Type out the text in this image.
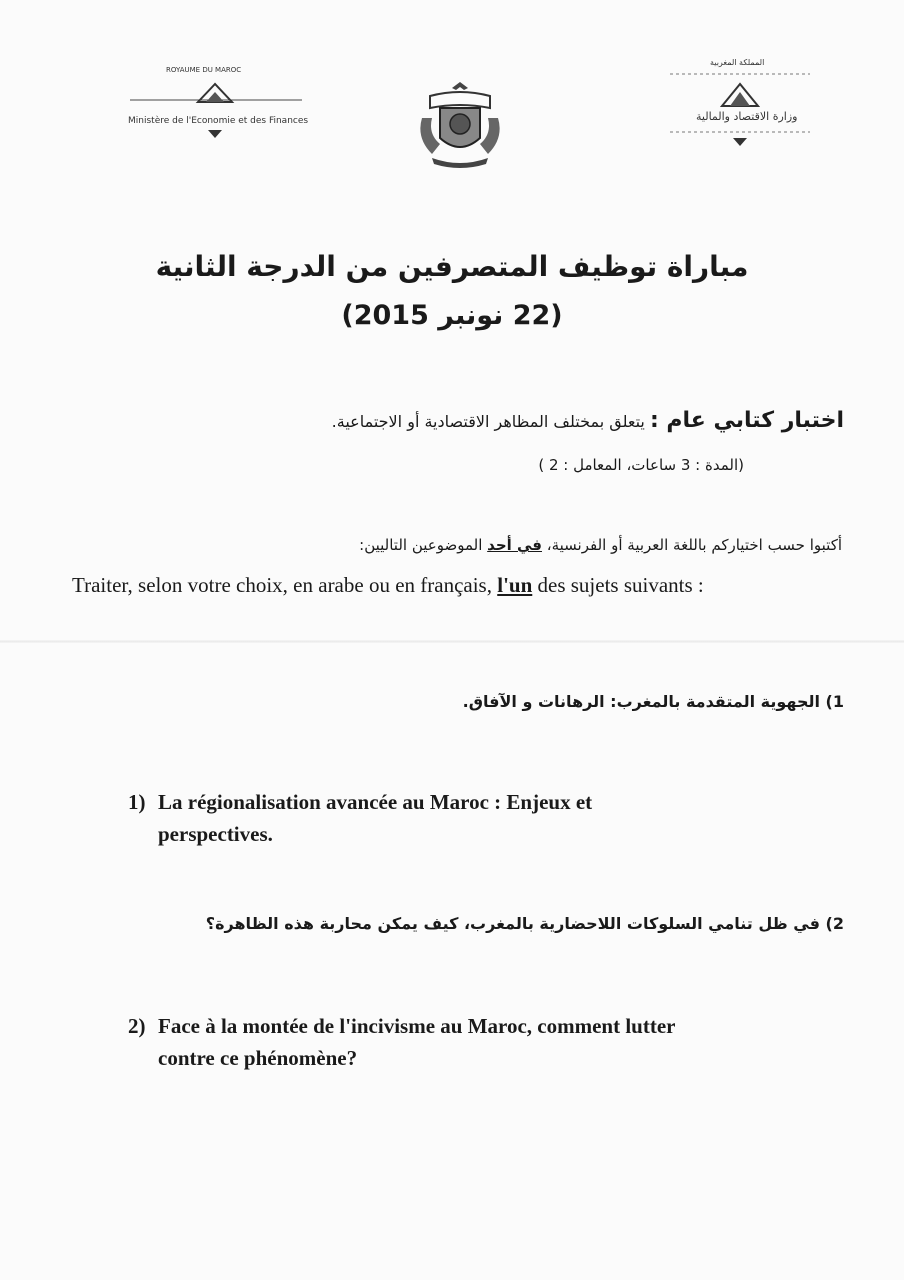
ROYAUME DU MAROC
Ministère de l'Economie et des Finances
المملكة المغربية
وزارة الاقتصاد والمالية
مباراة توظيف المتصرفين من الدرجة الثانية
(22 نونبر 2015)
اختبار كتابي عام : يتعلق بمختلف المظاهر الاقتصادية أو الاجتماعية.
(المدة : 3 ساعات، المعامل : 2 )
أكتبوا حسب اختياركم باللغة العربية أو الفرنسية، في أحد الموضوعين التاليين:
Traiter, selon votre choix, en arabe ou en français, l'un des sujets suivants :
1) الجهوية المتقدمة بالمغرب: الرهانات و الآفاق.
1) La régionalisation avancée au Maroc : Enjeux et
perspectives.
2) في ظل تنامي السلوكات اللاحضارية بالمغرب، كيف يمكن محاربة هذه الظاهرة؟
2) Face à la montée de l'incivisme au Maroc, comment lutter
contre ce phénomène?
